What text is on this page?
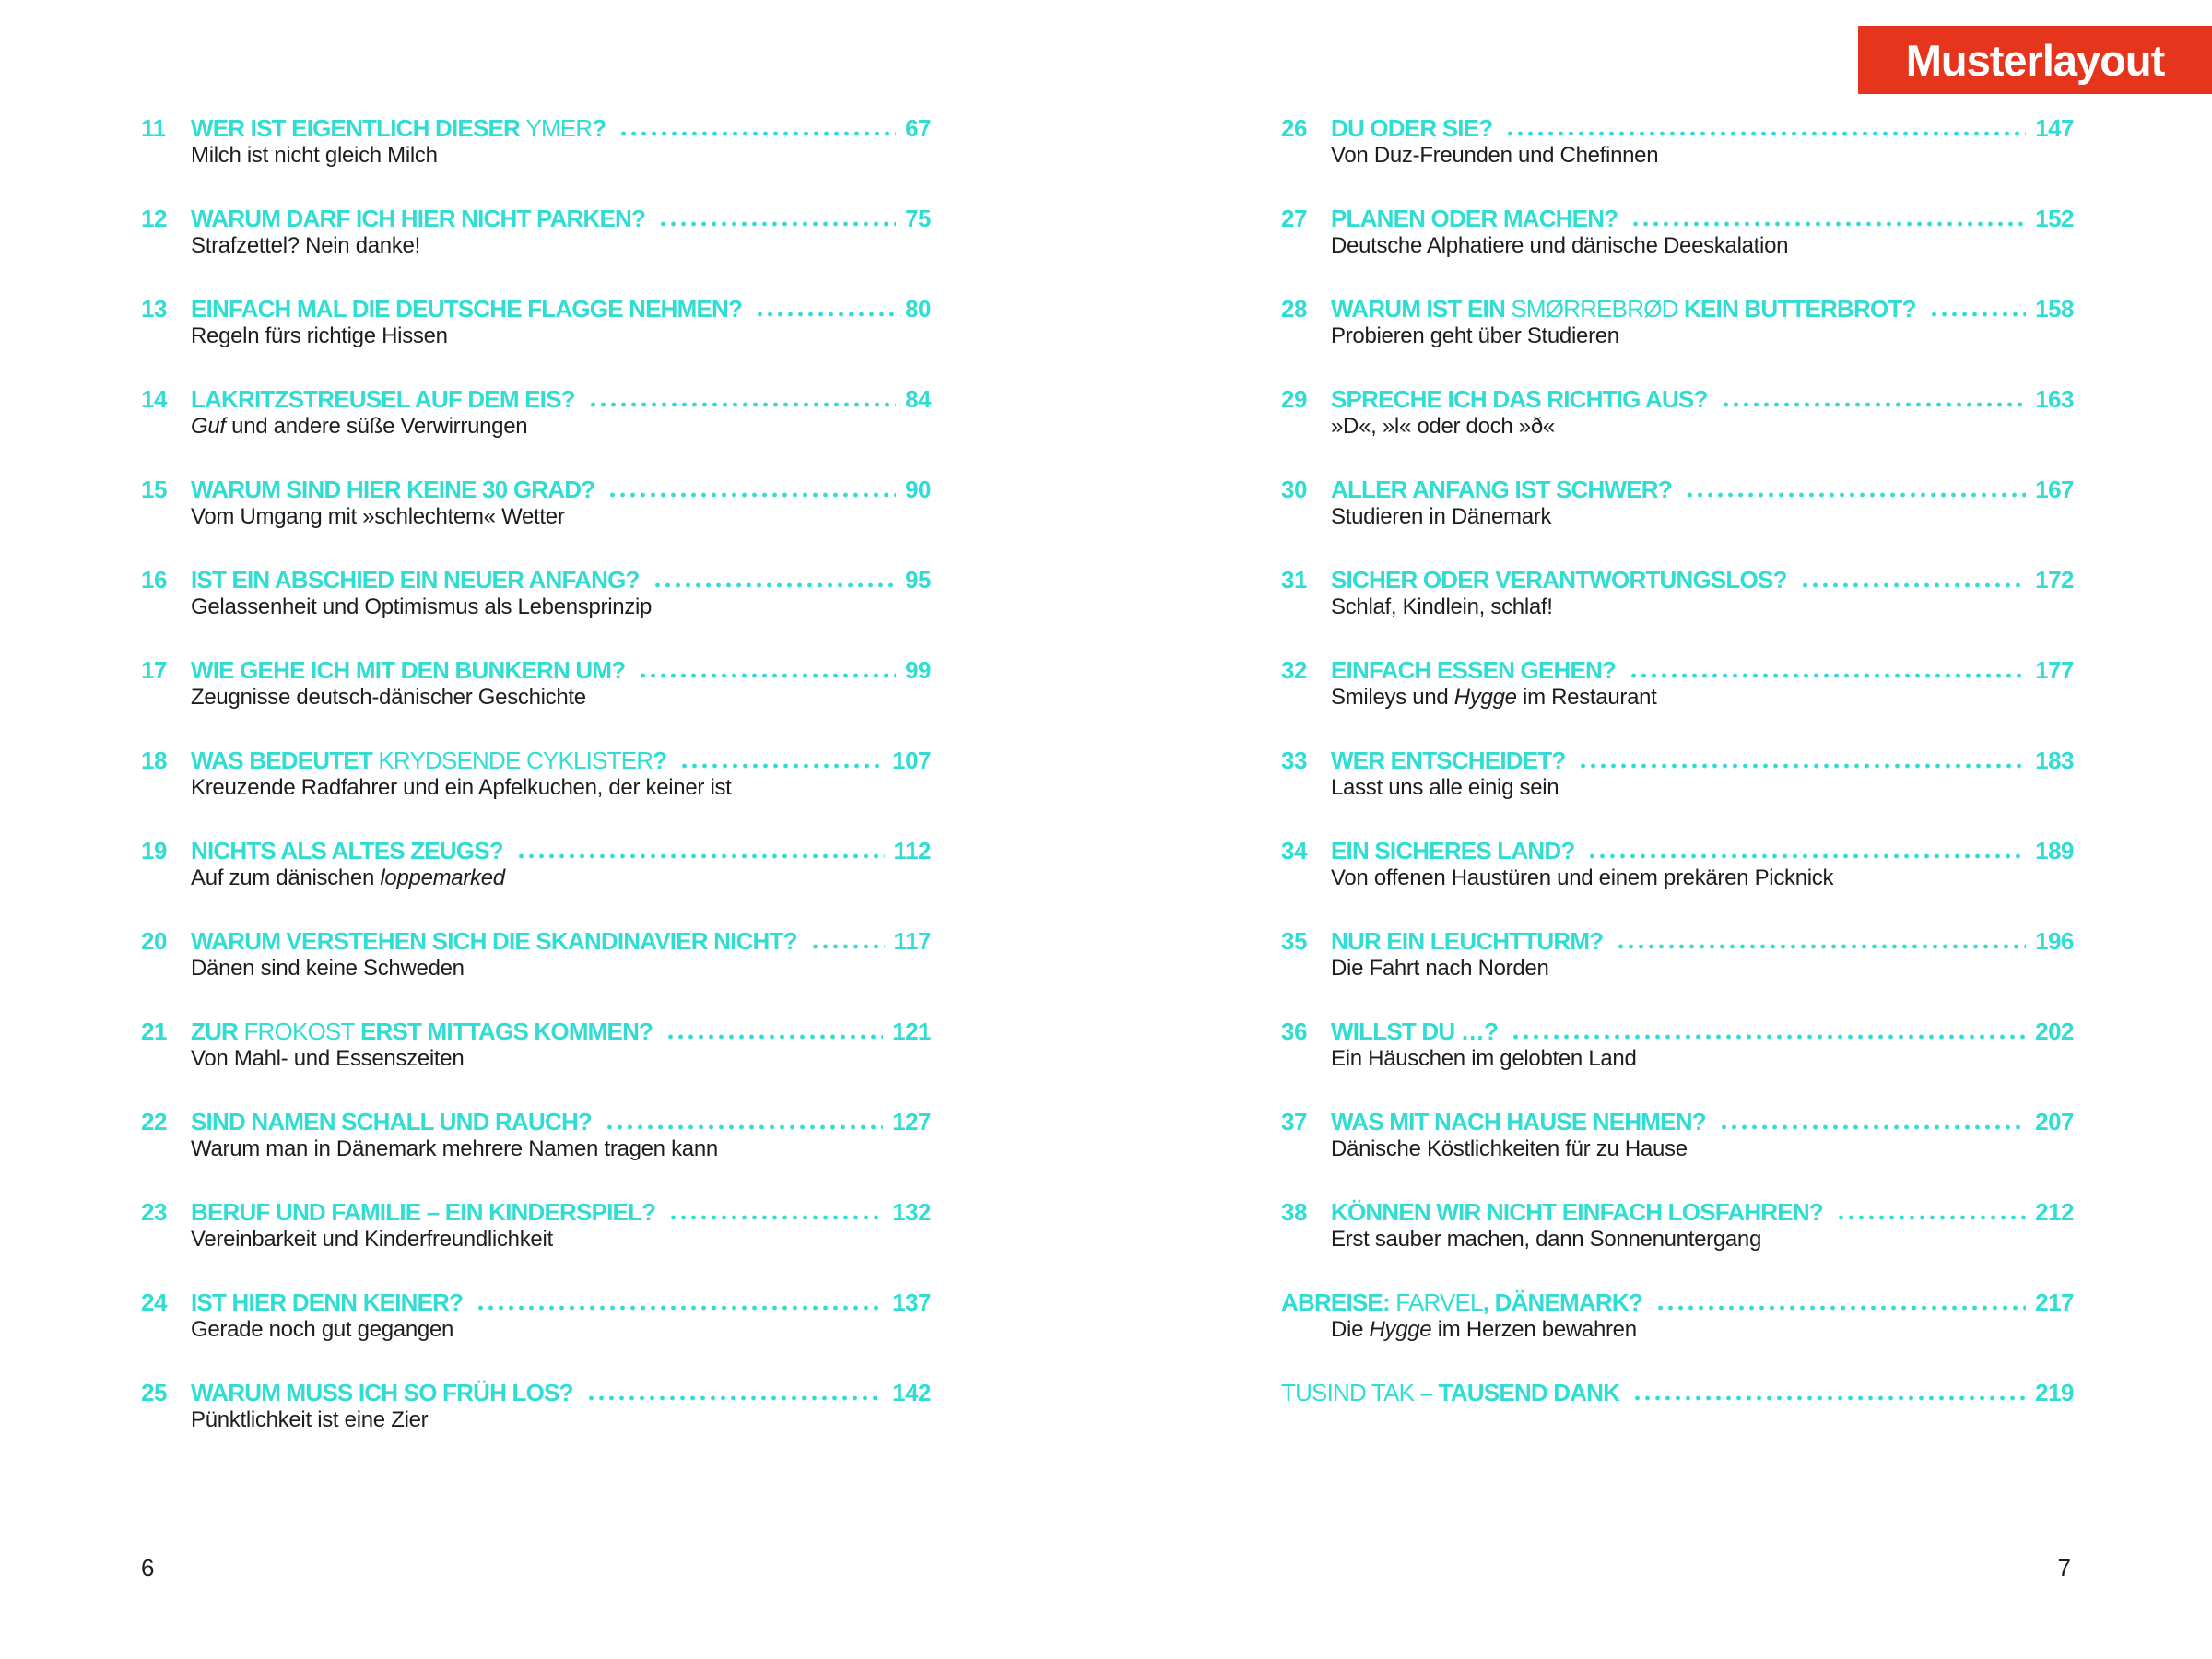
Musterlayout
11	WER IST EIGENTLICH DIESER YMER?	67
Milch ist nicht gleich Milch
12	WARUM DARF ICH HIER NICHT PARKEN?	75
Strafzettel? Nein danke!
13	EINFACH MAL DIE DEUTSCHE FLAGGE NEHMEN?	80
Regeln fürs richtige Hissen
14	LAKRITZSTREUSEL AUF DEM EIS?	84
Guf und andere süße Verwirrungen
15	WARUM SIND HIER KEINE 30 GRAD?	90
Vom Umgang mit »schlechtem« Wetter
16	IST EIN ABSCHIED EIN NEUER ANFANG?	95
Gelassenheit und Optimismus als Lebensprinzip
17	WIE GEHE ICH MIT DEN BUNKERN UM?	99
Zeugnisse deutsch-dänischer Geschichte
18	WAS BEDEUTET KRYDSENDE CYKLISTER?	107
Kreuzende Radfahrer und ein Apfelkuchen, der keiner ist
19	NICHTS ALS ALTES ZEUGS?	112
Auf zum dänischen loppemarked
20	WARUM VERSTEHEN SICH DIE SKANDINAVIER NICHT?	117
Dänen sind keine Schweden
21	ZUR FROKOST ERST MITTAGS KOMMEN?	121
Von Mahl- und Essenszeiten
22	SIND NAMEN SCHALL UND RAUCH?	127
Warum man in Dänemark mehrere Namen tragen kann
23	BERUF UND FAMILIE – EIN KINDERSPIEL?	132
Vereinbarkeit und Kinderfreundlichkeit
24	IST HIER DENN KEINER?	137
Gerade noch gut gegangen
25	WARUM MUSS ICH SO FRÜH LOS?	142
Pünktlichkeit ist eine Zier
26	DU ODER SIE?	147
Von Duz-Freunden und Chefinnen
27	PLANEN ODER MACHEN?	152
Deutsche Alphatiere und dänische Deeskalation
28	WARUM IST EIN SMØRREBRØD KEIN BUTTERBROT?	158
Probieren geht über Studieren
29	SPRECHE ICH DAS RICHTIG AUS?	163
»D«, »l« oder doch »ð«
30	ALLER ANFANG IST SCHWER?	167
Studieren in Dänemark
31	SICHER ODER VERANTWORTUNGSLOS?	172
Schlaf, Kindlein, schlaf!
32	EINFACH ESSEN GEHEN?	177
Smileys und Hygge im Restaurant
33	WER ENTSCHEIDET?	183
Lasst uns alle einig sein
34	EIN SICHERES LAND?	189
Von offenen Haustüren und einem prekären Picknick
35	NUR EIN LEUCHTTURM?	196
Die Fahrt nach Norden
36	WILLST DU …?	202
Ein Häuschen im gelobten Land
37	WAS MIT NACH HAUSE NEHMEN?	207
Dänische Köstlichkeiten für zu Hause
38	KÖNNEN WIR NICHT EINFACH LOSFAHREN?	212
Erst sauber machen, dann Sonnenuntergang
ABREISE: FARVEL, DÄNEMARK?	217
Die Hygge im Herzen bewahren
TUSIND TAK – TAUSEND DANK	219
6	7
